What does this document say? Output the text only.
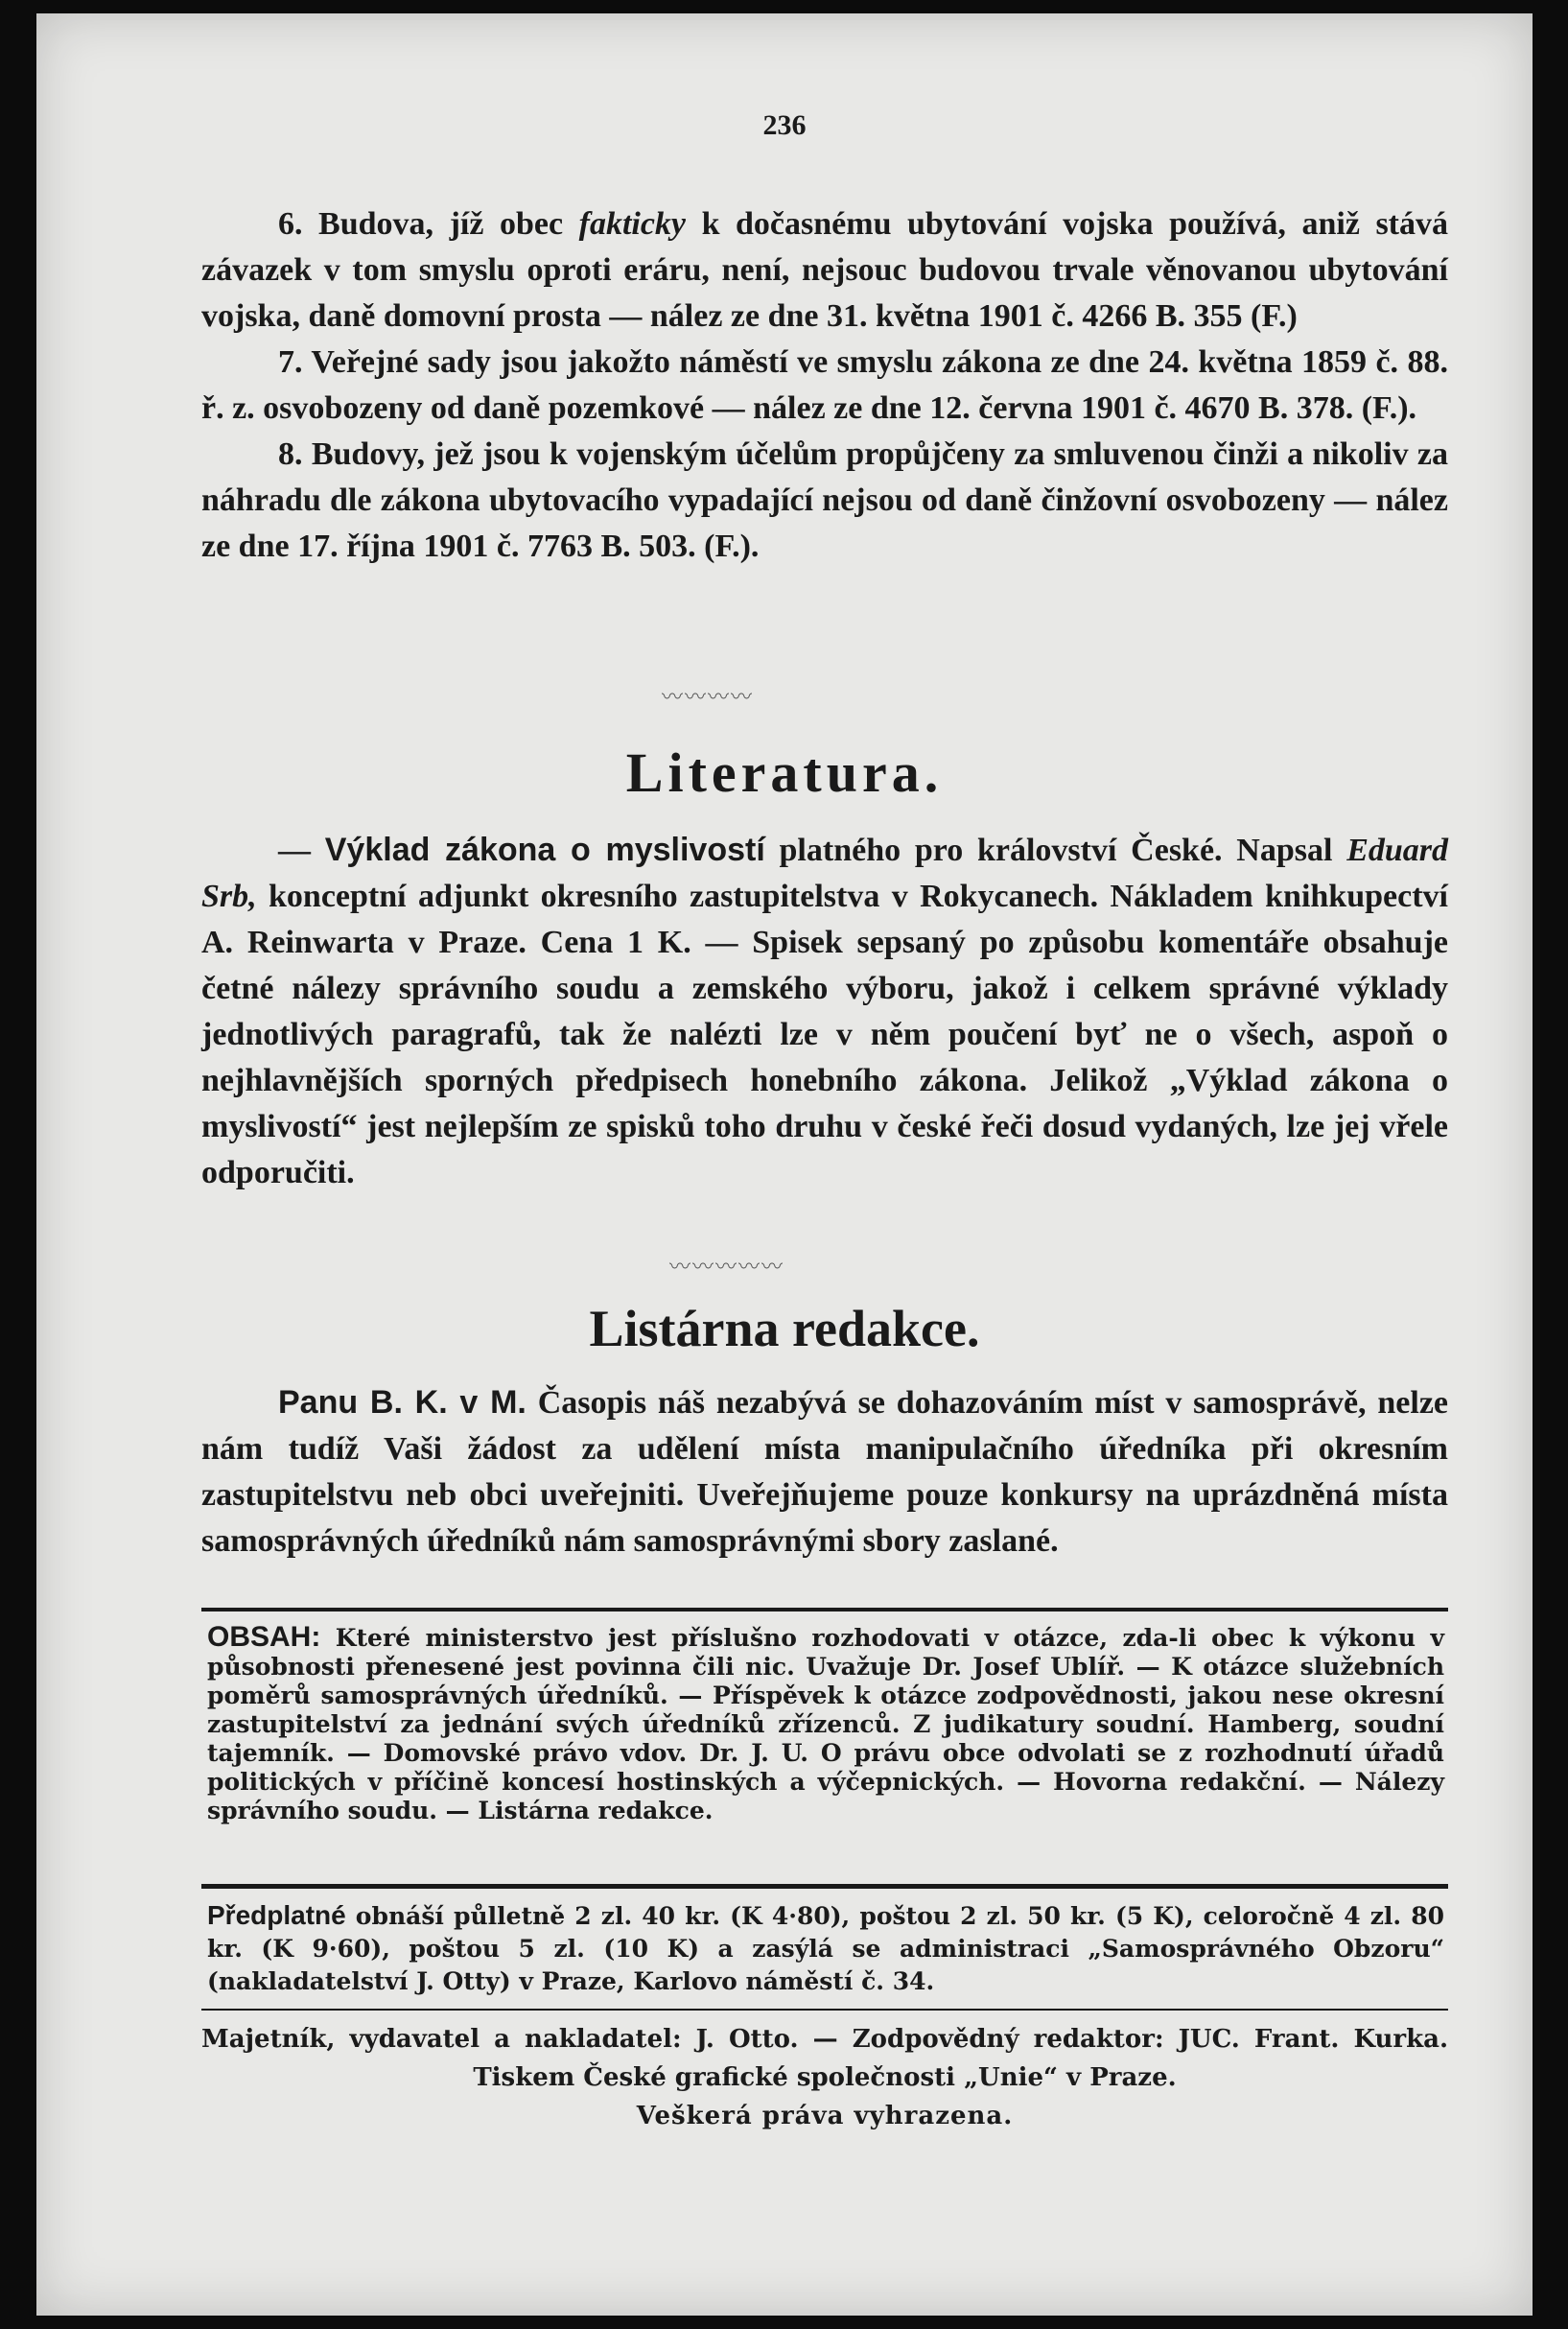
236

6. Budova, jíž obec fakticky k dočasnému ubytování vojska používá, aniž stává závazek v tom smyslu oproti eráru, není, nejsouc budovou trvale věnovanou ubytování vojska, daně domovní prosta — nález ze dne 31. května 1901 č. 4266 B. 355 (F.)

7. Veřejné sady jsou jakožto náměstí ve smyslu zákona ze dne 24. května 1859 č. 88. ř. z. osvobozeny od daně pozemkové — nález ze dne 12. června 1901 č. 4670 B. 378. (F.).

8. Budovy, jež jsou k vojenským účelům propůjčeny za smluvenou činži a nikoliv za náhradu dle zákona ubytovacího vypadající nejsou od daně činžovní osvobozeny — nález ze dne 17. října 1901 č. 7763 B. 503. (F.).

〰〰〰〰
Literatura.

— Výklad zákona o myslivostí platného pro království České. Napsal Eduard Srb, konceptní adjunkt okresního zastupitelstva v Rokycanech. Nákladem knihkupectví A. Reinwarta v Praze. Cena 1 K. — Spisek sepsaný po způsobu komentáře obsahuje četné nálezy správního soudu a zemského výboru, jakož i celkem správné výklady jednotlivých paragrafů, tak že nalézti lze v něm poučení byť ne o všech, aspoň o nejhlavnějších sporných předpisech honebního zákona. Jelikož „Výklad zákona o myslivostí“ jest nejlepším ze spisků toho druhu v české řeči dosud vydaných, lze jej vřele odporučiti.

〰〰〰〰〰
Listárna redakce.

Panu B. K. v M. Časopis náš nezabývá se dohazováním míst v samosprávě, nelze nám tudíž Vaši žádost za udělení místa manipulačního úředníka při okresním zastupitelstvu neb obci uveřejniti. Uveřejňujeme pouze konkursy na uprázdněná místa samosprávných úředníků nám samosprávnými sbory zaslané.

OBSAH: Které ministerstvo jest příslušno rozhodovati v otázce, zda-li obec k výkonu v působnosti přenesené jest povinna čili nic. Uvažuje Dr. Josef Ublíř. — K otázce služebních poměrů samosprávných úředníků. — Příspěvek k otázce zodpovědnosti, jakou nese okresní zastupitelství za jednání svých úředníků zřízenců. Z judikatury soudní. Hamberg, soudní tajemník. — Domovské právo vdov. Dr. J. U. O právu obce odvolati se z rozhodnutí úřadů politických v příčině koncesí hostinských a výčepnických. — Hovorna redakční. — Nálezy správního soudu. — Listárna redakce.
Předplatné obnáší půlletně 2 zl. 40 kr. (K 4·80), poštou 2 zl. 50 kr. (5 K), celoročně 4 zl. 80 kr. (K 9·60), poštou 5 zl. (10 K) a zasýlá se administraci „Samosprávného Obzoru“ (nakladatelství J. Otty) v Praze, Karlovo náměstí č. 34.
Majetník, vydavatel a nakladatel: J. Otto. — Zodpovědný redaktor: JUC. Frant. Kurka.
Tiskem České grafické společnosti „Unie“ v Praze.
Veškerá práva vyhrazena.
